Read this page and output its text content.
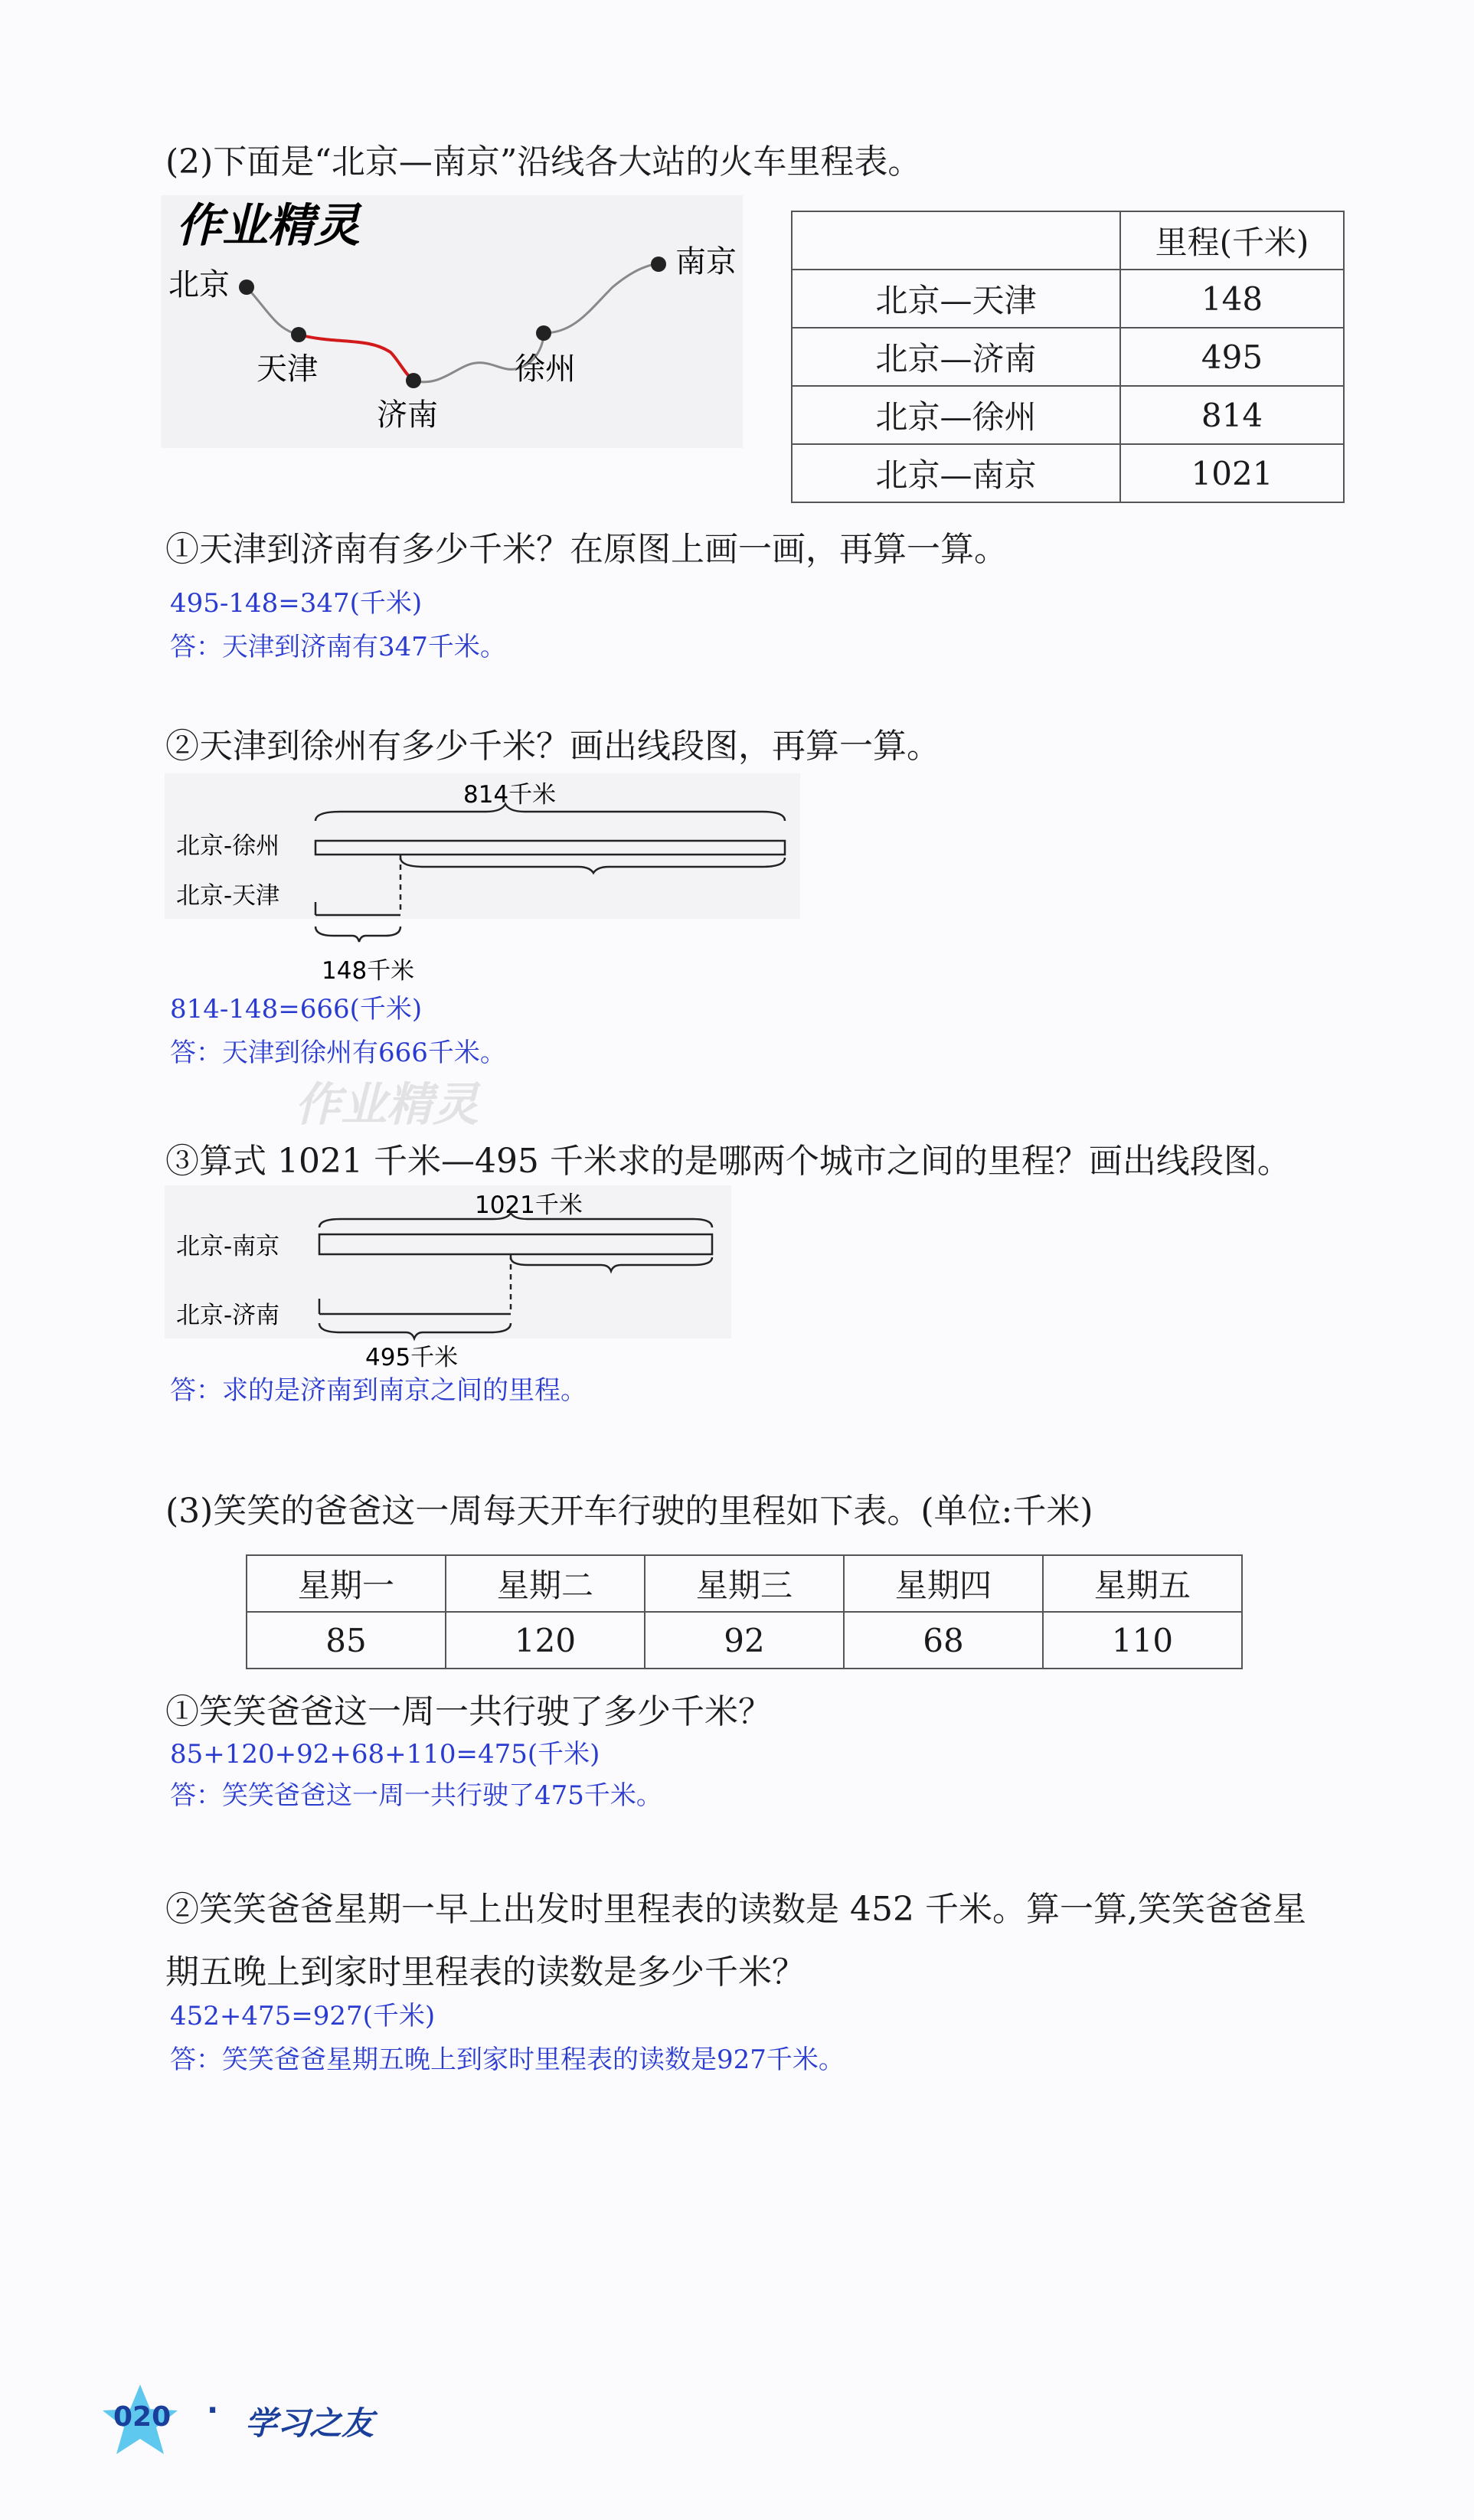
(2)下面是“北京—南京”沿线各大站的火车里程表。
作业精灵
北京
天津
济南
徐州
南京
	里程(千米)
北京—天津	148
北京—济南	495
北京—徐州	814
北京—南京	1021
①天津到济南有多少千米？在原图上画一画，再算一算。
495-148=347(千米)
答：天津到济南有347千米。
②天津到徐州有多少千米？画出线段图，再算一算。
814千米
北京-徐州
北京-天津
148千米
814-148=666(千米)
答：天津到徐州有666千米。
作业精灵
③算式 1021 千米—495 千米求的是哪两个城市之间的里程？画出线段图。
1021千米
北京-南京
北京-济南
495千米
答：求的是济南到南京之间的里程。
(3)笑笑的爸爸这一周每天开车行驶的里程如下表。(单位:千米)
星期一	星期二	星期三	星期四	星期五
85	120	92	68	110
①笑笑爸爸这一周一共行驶了多少千米？
85+120+92+68+110=475(千米)
答：笑笑爸爸这一周一共行驶了475千米。
②笑笑爸爸星期一早上出发时里程表的读数是 452 千米。算一算,笑笑爸爸星
期五晚上到家时里程表的读数是多少千米？
452+475=927(千米)
答：笑笑爸爸星期五晚上到家时里程表的读数是927千米。
020 · 学习之友
